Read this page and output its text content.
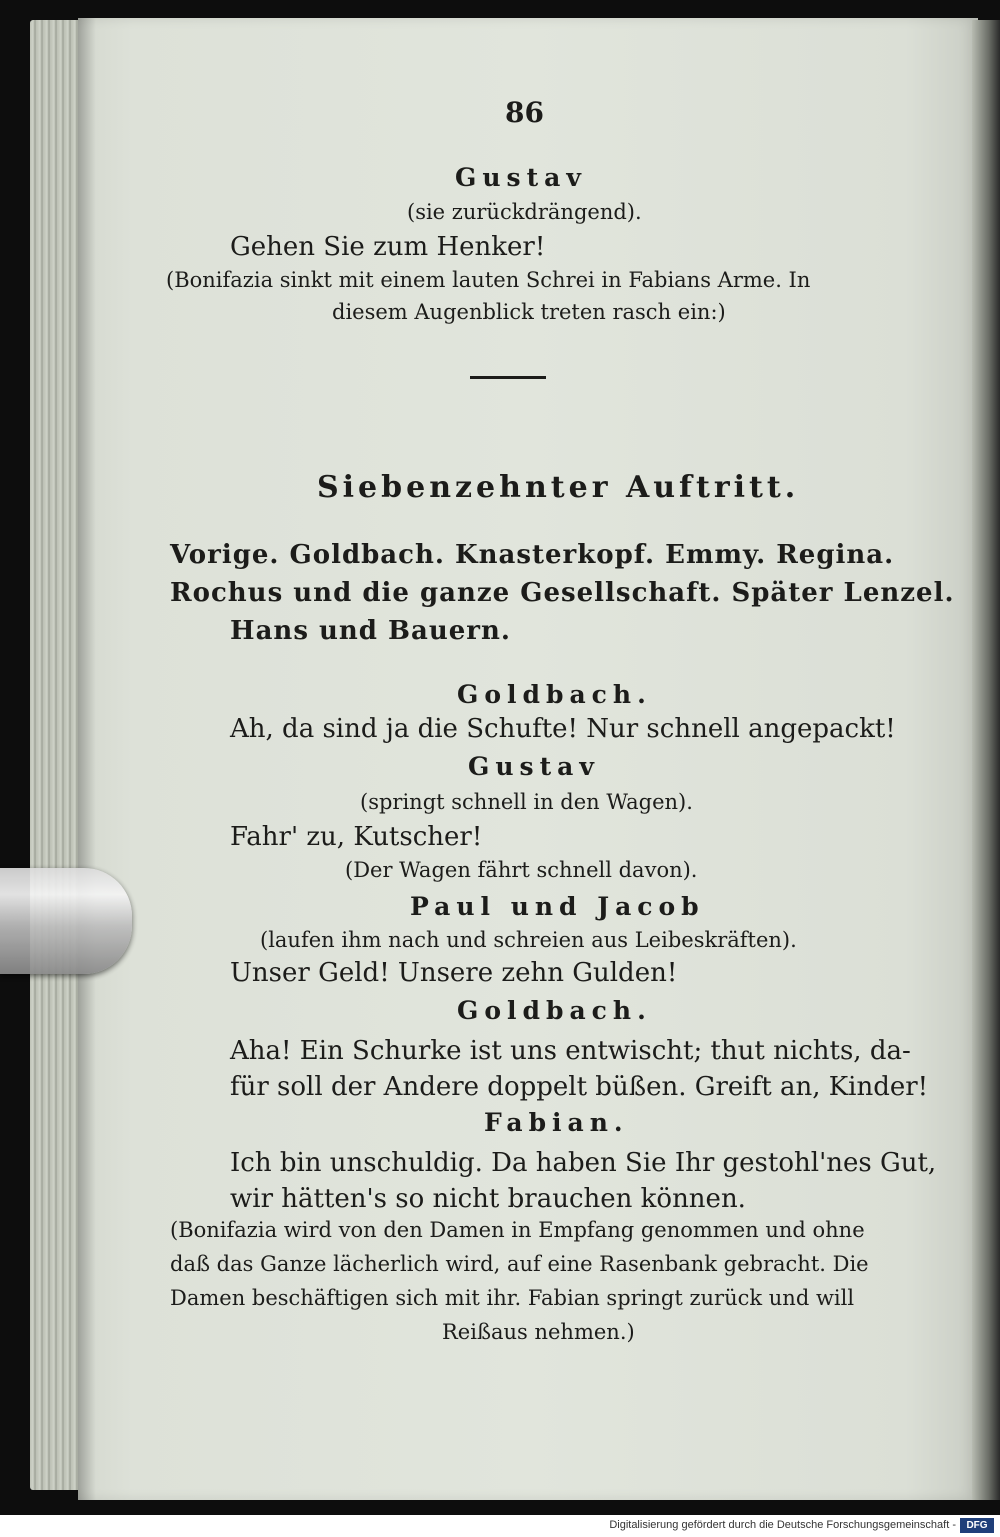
86
Gustav
(sie zurückdrängend).
Gehen Sie zum Henker!
(Bonifazia sinkt mit einem lauten Schrei in Fabians Arme. In
diesem Augenblick treten rasch ein:)
Siebenzehnter Auftritt.
Vorige. Goldbach. Knasterkopf. Emmy. Regina.
Rochus und die ganze Gesellschaft. Später Lenzel.
Hans und Bauern.
Goldbach.
Ah, da sind ja die Schufte! Nur schnell angepackt!
Gustav
(springt schnell in den Wagen).
Fahr' zu, Kutscher!
(Der Wagen fährt schnell davon).
Paul und Jacob
(laufen ihm nach und schreien aus Leibeskräften).
Unser Geld! Unsere zehn Gulden!
Goldbach.
Aha! Ein Schurke ist uns entwischt; thut nichts, da-
für soll der Andere doppelt büßen. Greift an, Kinder!
Fabian.
Ich bin unschuldig. Da haben Sie Ihr gestohl'nes Gut,
wir hätten's so nicht brauchen können.
(Bonifazia wird von den Damen in Empfang genommen und ohne
daß das Ganze lächerlich wird, auf eine Rasenbank gebracht. Die
Damen beschäftigen sich mit ihr. Fabian springt zurück und will
Reißaus nehmen.)
Digitalisierung gefördert durch die Deutsche Forschungsgemeinschaft -	DFG
